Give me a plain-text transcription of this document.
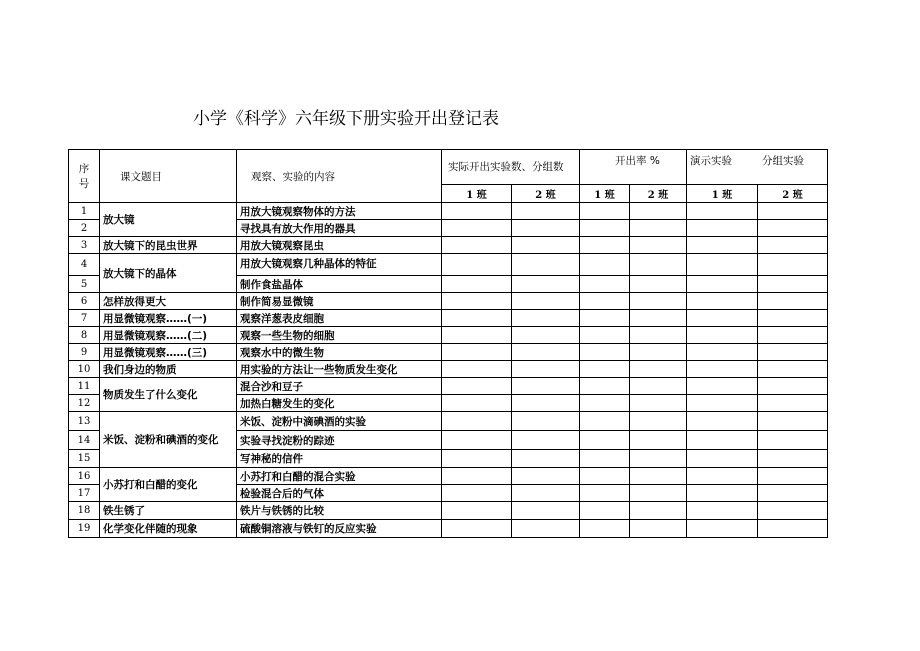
小学《科学》六年级下册实验开出登记表
序号	课文题目	观察、实验的内容	实际开出实验数、分组数		开出率 %		演示实验 分组实验	
			1 班	2 班	1 班	2 班	1 班	2 班
1	放大镜	用放大镜观察物体的方法						
2		寻找具有放大作用的器具						
3	放大镜下的昆虫世界	用放大镜观察昆虫						
4	放大镜下的晶体	用放大镜观察几种晶体的特征						
5		制作食盐晶体						
6	怎样放得更大	制作简易显微镜						
7	用显微镜观察……(一)	观察洋葱表皮细胞						
8	用显微镜观察……(二)	观察一些生物的细胞						
9	用显微镜观察……(三)	观察水中的微生物						
10	我们身边的物质	用实验的方法让一些物质发生变化						
11	物质发生了什么变化	混合沙和豆子						
12		加热白糖发生的变化						
13	米饭、淀粉和碘酒的变化	米饭、淀粉中滴碘酒的实验						
14		实验寻找淀粉的踪迹						
15		写神秘的信件						
16	小苏打和白醋的变化	小苏打和白醋的混合实验						
17		检验混合后的气体						
18	铁生锈了	铁片与铁锈的比较						
19	化学变化伴随的现象	硫酸铜溶液与铁钉的反应实验						
